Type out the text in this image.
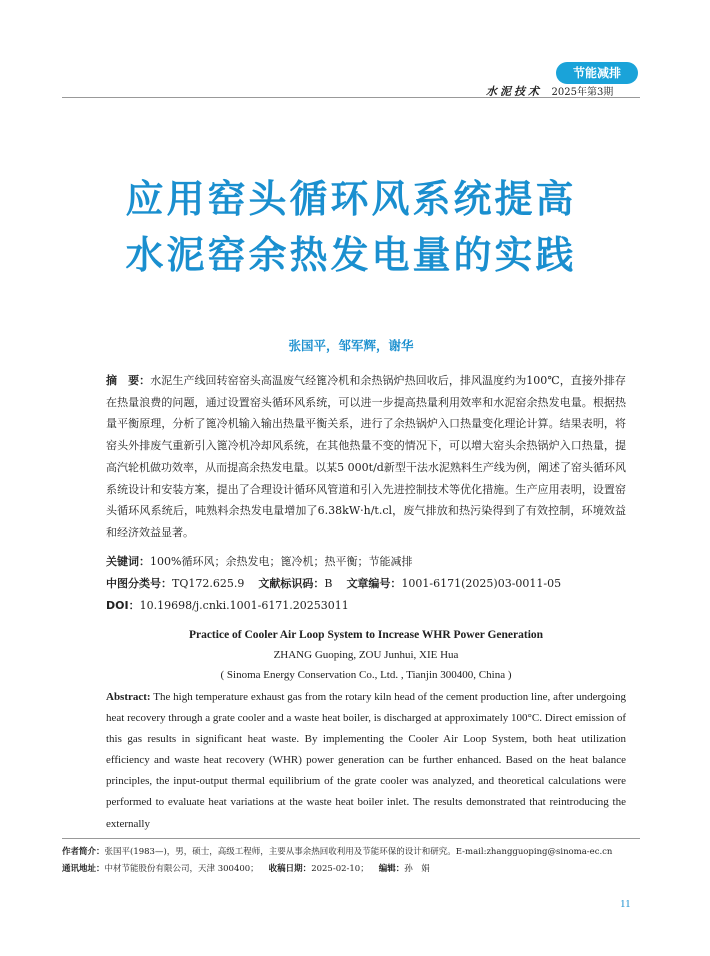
节能减排
水泥技术 2025年第3期
应用窑头循环风系统提高
水泥窑余热发电量的实践
张国平，邹军辉，谢华
摘　要：水泥生产线回转窑窑头高温废气经篦冷机和余热锅炉热回收后，排风温度约为100℃，直接外排存在热量浪费的问题，通过设置窑头循环风系统，可以进一步提高热量利用效率和水泥窑余热发电量。根据热量平衡原理，分析了篦冷机输入输出热量平衡关系，进行了余热锅炉入口热量变化理论计算。结果表明，将窑头外排废气重新引入篦冷机冷却风系统，在其他热量不变的情况下，可以增大窑头余热锅炉入口热量，提高汽轮机做功效率，从而提高余热发电量。以某5 000t/d新型干法水泥熟料生产线为例，阐述了窑头循环风系统设计和安装方案，提出了合理设计循环风管道和引入先进控制技术等优化措施。生产应用表明，设置窑头循环风系统后，吨熟料余热发电量增加了6.38kW·h/t.cl，废气排放和热污染得到了有效控制，环境效益和经济效益显著。
关键词：100%循环风；余热发电；篦冷机；热平衡；节能减排
中图分类号：TQ172.625.9 文献标识码：B 文章编号：1001-6171(2025)03-0011-05
DOI：10.19698/j.cnki.1001-6171.20253011
Practice of Cooler Air Loop System to Increase WHR Power Generation
ZHANG Guoping, ZOU Junhui, XIE Hua
( Sinoma Energy Conservation Co., Ltd. , Tianjin 300400, China )
Abstract: The high temperature exhaust gas from the rotary kiln head of the cement production line, after undergoing heat recovery through a grate cooler and a waste heat boiler, is discharged at approximately 100°C. Direct emission of this gas results in significant heat waste. By implementing the Cooler Air Loop System, both heat utilization efficiency and waste heat recovery (WHR) power generation can be further enhanced. Based on the heat balance principles, the input-output thermal equilibrium of the grate cooler was analyzed, and theoretical calculations were performed to evaluate heat variations at the waste heat boiler inlet. The results demonstrated that reintroducing the externally
作者简介：张国平(1983—)，男，硕士，高级工程师，主要从事余热回收利用及节能环保的设计和研究。E-mail:zhangguoping@sinoma-ec.cn
通讯地址：中材节能股份有限公司，天津 300400； 收稿日期：2025-02-10； 编辑：孙　娟
11
